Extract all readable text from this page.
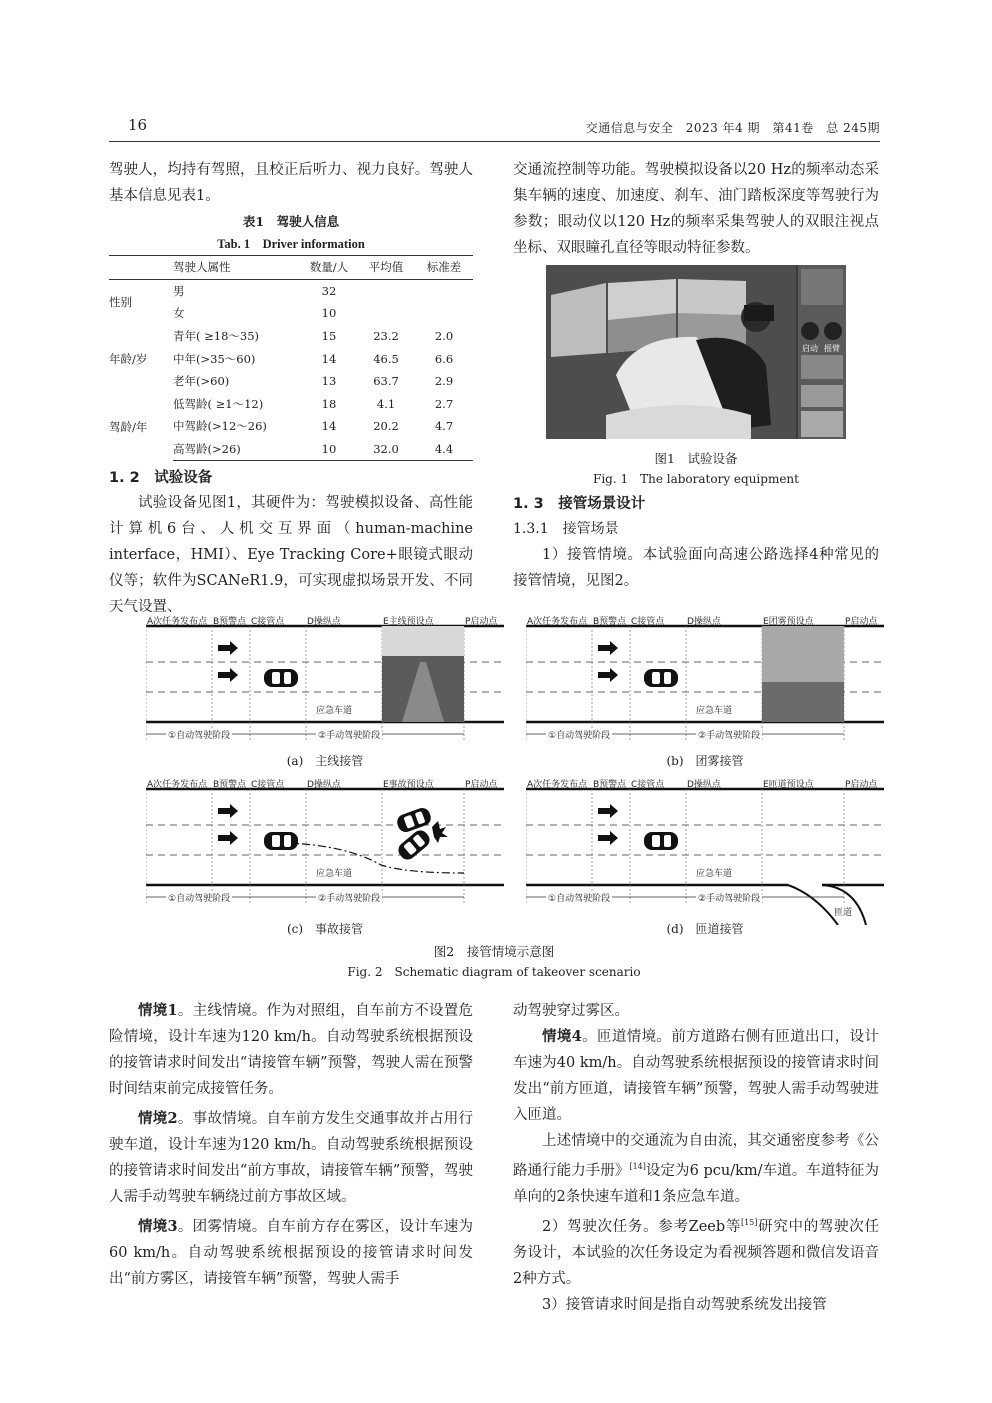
16	交通信息与安全　2023 年4 期　第41卷　总 245期

驾驶人，均持有驾照，且校正后听力、视力良好。驾驶人基本信息见表1。

表1　驾驶人信息
Tab. 1　Driver information
	驾驶人属性	数量/人	平均值	标准差
性别	男	32		
	女	10		
年龄/岁	青年( ≥18～35)	15	23.2	2.0
	中年(>35～60)	14	46.5	6.6
	老年(>60)	13	63.7	2.9
驾龄/年	低驾龄( ≥1～12)	18	4.1	2.7
	中驾龄(>12～26)	14	20.2	4.7
	高驾龄(>26)	10	32.0	4.4
1. 2　试验设备

试验设备见图1，其硬件为：驾驶模拟设备、高性能计算机6台、人机交互界面（human-machine interface，HMI）、Eye Tracking Core+眼镜式眼动仪等；软件为SCANeR1.9，可实现虚拟场景开发、不同天气设置、

交通流控制等功能。驾驶模拟设备以20 Hz的频率动态采集车辆的速度、加速度、刹车、油门踏板深度等驾驶行为参数；眼动仪以120 Hz的频率采集驾驶人的双眼注视点坐标、双眼瞳孔直径等眼动特征参数。

启动 摇臂
图1　试验设备
Fig. 1　The laboratory equipment
1. 3　接管场景设计
1.3.1　接管场景

1）接管情境。本试验面向高速公路选择4种常见的接管情境，见图2。

A次任务发布点 B预警点 C接管点	D操纵点	E主线预设点	P启动点
应急车道
①自动驾驶阶段	②手动驾驶阶段
(a)　主线接管
A次任务发布点 B预警点 C接管点	D操纵点	E团雾预设点	P启动点
应急车道
①自动驾驶阶段	②手动驾驶阶段
(b)　团雾接管
A次任务发布点 B预警点 C接管点	D操纵点	E事故预设点	P启动点
应急车道
①自动驾驶阶段	②手动驾驶阶段
(c)　事故接管
A次任务发布点 B预警点 C接管点	D操纵点	E匝道预设点	P启动点
应急车道
①自动驾驶阶段	②手动驾驶阶段
匝道
(d)　匝道接管
图2　接管情境示意图
Fig. 2　Schematic diagram of takeover scenario

情境1。主线情境。作为对照组，自车前方不设置危险情境，设计车速为120 km/h。自动驾驶系统根据预设的接管请求时间发出“请接管车辆”预警，驾驶人需在预警时间结束前完成接管任务。

情境2。事故情境。自车前方发生交通事故并占用行驶车道，设计车速为120 km/h。自动驾驶系统根据预设的接管请求时间发出“前方事故，请接管车辆”预警，驾驶人需手动驾驶车辆绕过前方事故区域。

情境3。团雾情境。自车前方存在雾区，设计车速为60 km/h。自动驾驶系统根据预设的接管请求时间发出“前方雾区，请接管车辆”预警，驾驶人需手

动驾驶穿过雾区。

情境4。匝道情境。前方道路右侧有匝道出口，设计车速为40 km/h。自动驾驶系统根据预设的接管请求时间发出“前方匝道，请接管车辆”预警，驾驶人需手动驾驶进入匝道。

上述情境中的交通流为自由流，其交通密度参考《公路通行能力手册》[14]设定为6 pcu/km/车道。车道特征为单向的2条快速车道和1条应急车道。

2）驾驶次任务。参考Zeeb等[15]研究中的驾驶次任务设计，本试验的次任务设定为看视频答题和微信发语音2种方式。

3）接管请求时间是指自动驾驶系统发出接管
